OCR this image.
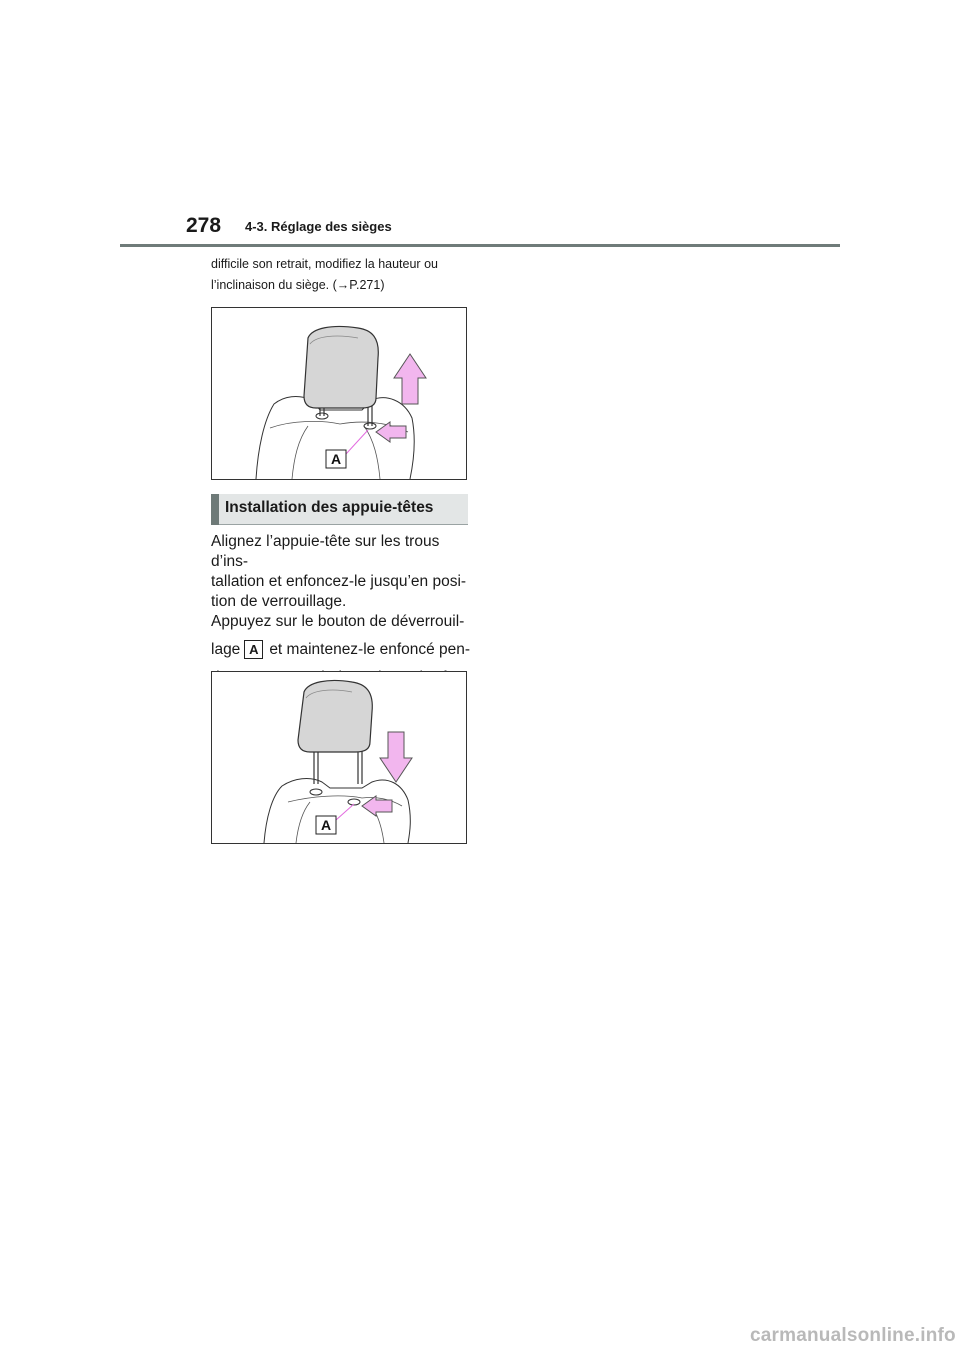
278 4-3. Réglage des sièges
difficile son retrait, modifiez la hauteur ou
l’inclinaison du siège. (→P.271)
A
Installation des appuie-têtes

Alignez l’appuie-tête sur les trous d’ins-

tallation et enfoncez-le jusqu’en posi-

tion de verrouillage.

Appuyez sur le bouton de déverrouil-

lage A et maintenez-le enfoncé pen-

A
carmanualsonline.info
